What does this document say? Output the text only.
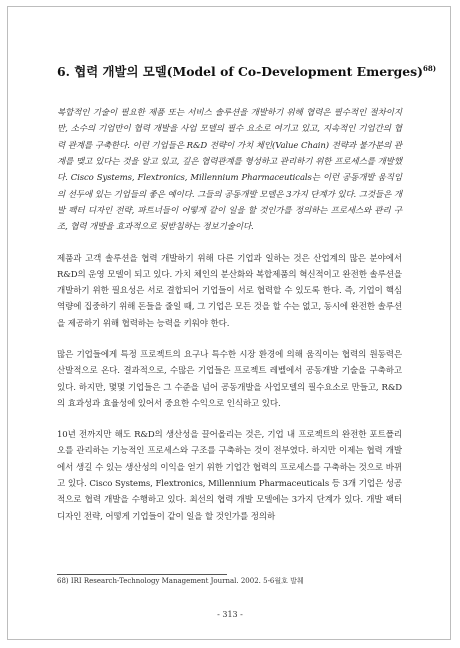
6. 협력 개발의 모델(Model of Co-Development Emerges)$^{68)}$

복합적인 기술이 필요한 제품 또는 서비스 솔루션을 개발하기 위해 협력은 필수적인 절차이지만, 소수의 기업만이 협력 개발을 사업 모델의 필수 요소로 여기고 있고, 지속적인 기업간의 협력 관계를 구축한다. 이런 기업들은 R&D 전략이 가치 체인(Value Chain) 전략과 불가분의 관계를 맺고 있다는 것을 알고 있고, 깊은 협력관계를 형성하고 관리하기 위한 프로세스를 개발했다. Cisco Systems, Flextronics, Millennium Pharmaceuticals는 이런 공동개발 움직임의 선두에 있는 기업들의 좋은 예이다. 그들의 공동개발 모델은 3가지 단계가 있다. 그것들은 개발 팩터 디자인 전략, 파트너들이 어떻게 같이 일을 할 것인가를 정의하는 프로세스와 관리 구조, 협력 개발을 효과적으로 뒷받침하는 정보기술이다.

제품과 고객 솔루션을 협력 개발하기 위해 다른 기업과 일하는 것은 산업계의 많은 분야에서 R&D의 운영 모델이 되고 있다. 가치 체인의 분산화와 복합제품의 혁신적이고 완전한 솔루션을 개발하기 위한 필요성은 서로 결합되어 기업들이 서로 협력할 수 있도록 한다. 즉, 기업이 핵심 역량에 집중하기 위해 돈들을 줄일 때, 그 기업은 모든 것을 할 수는 없고, 동시에 완전한 솔루션을 제공하기 위해 협력하는 능력을 키워야 한다.

많은 기업들에게 특정 프로젝트의 요구나 특수한 시장 환경에 의해 움직이는 협력의 원동력은 산발적으로 온다. 결과적으로, 수많은 기업들은 프로젝트 레벨에서 공동개발 기술을 구축하고 있다. 하지만, 몇몇 기업들은 그 수준을 넘어 공동개발을 사업모델의 필수요소로 만들고, R&D의 효과성과 효율성에 있어서 중요한 수익으로 인식하고 있다.

10년 전까지만 해도 R&D의 생산성을 끌어올리는 것은, 기업 내 프로젝트의 완전한 포트폴리오를 관리하는 기능적인 프로세스와 구조를 구축하는 것이 전부였다. 하지만 이제는 협력 개발에서 생길 수 있는 생산성의 이익을 얻기 위한 기업간 협력의 프로세스를 구축하는 것으로 바뀌고 있다. Cisco Systems, Flextronics, Millennium Pharmaceuticals 등 3개 기업은 성공적으로 협력 개발을 수행하고 있다. 최선의 협력 개발 모델에는 3가지 단계가 있다. 개발 팩터 디자인 전략, 어떻게 기업들이 같이 일을 할 것인가를 정의하

68) IRI Research-Technology Management Journal. 2002. 5-6월호 발췌
- 313 -
